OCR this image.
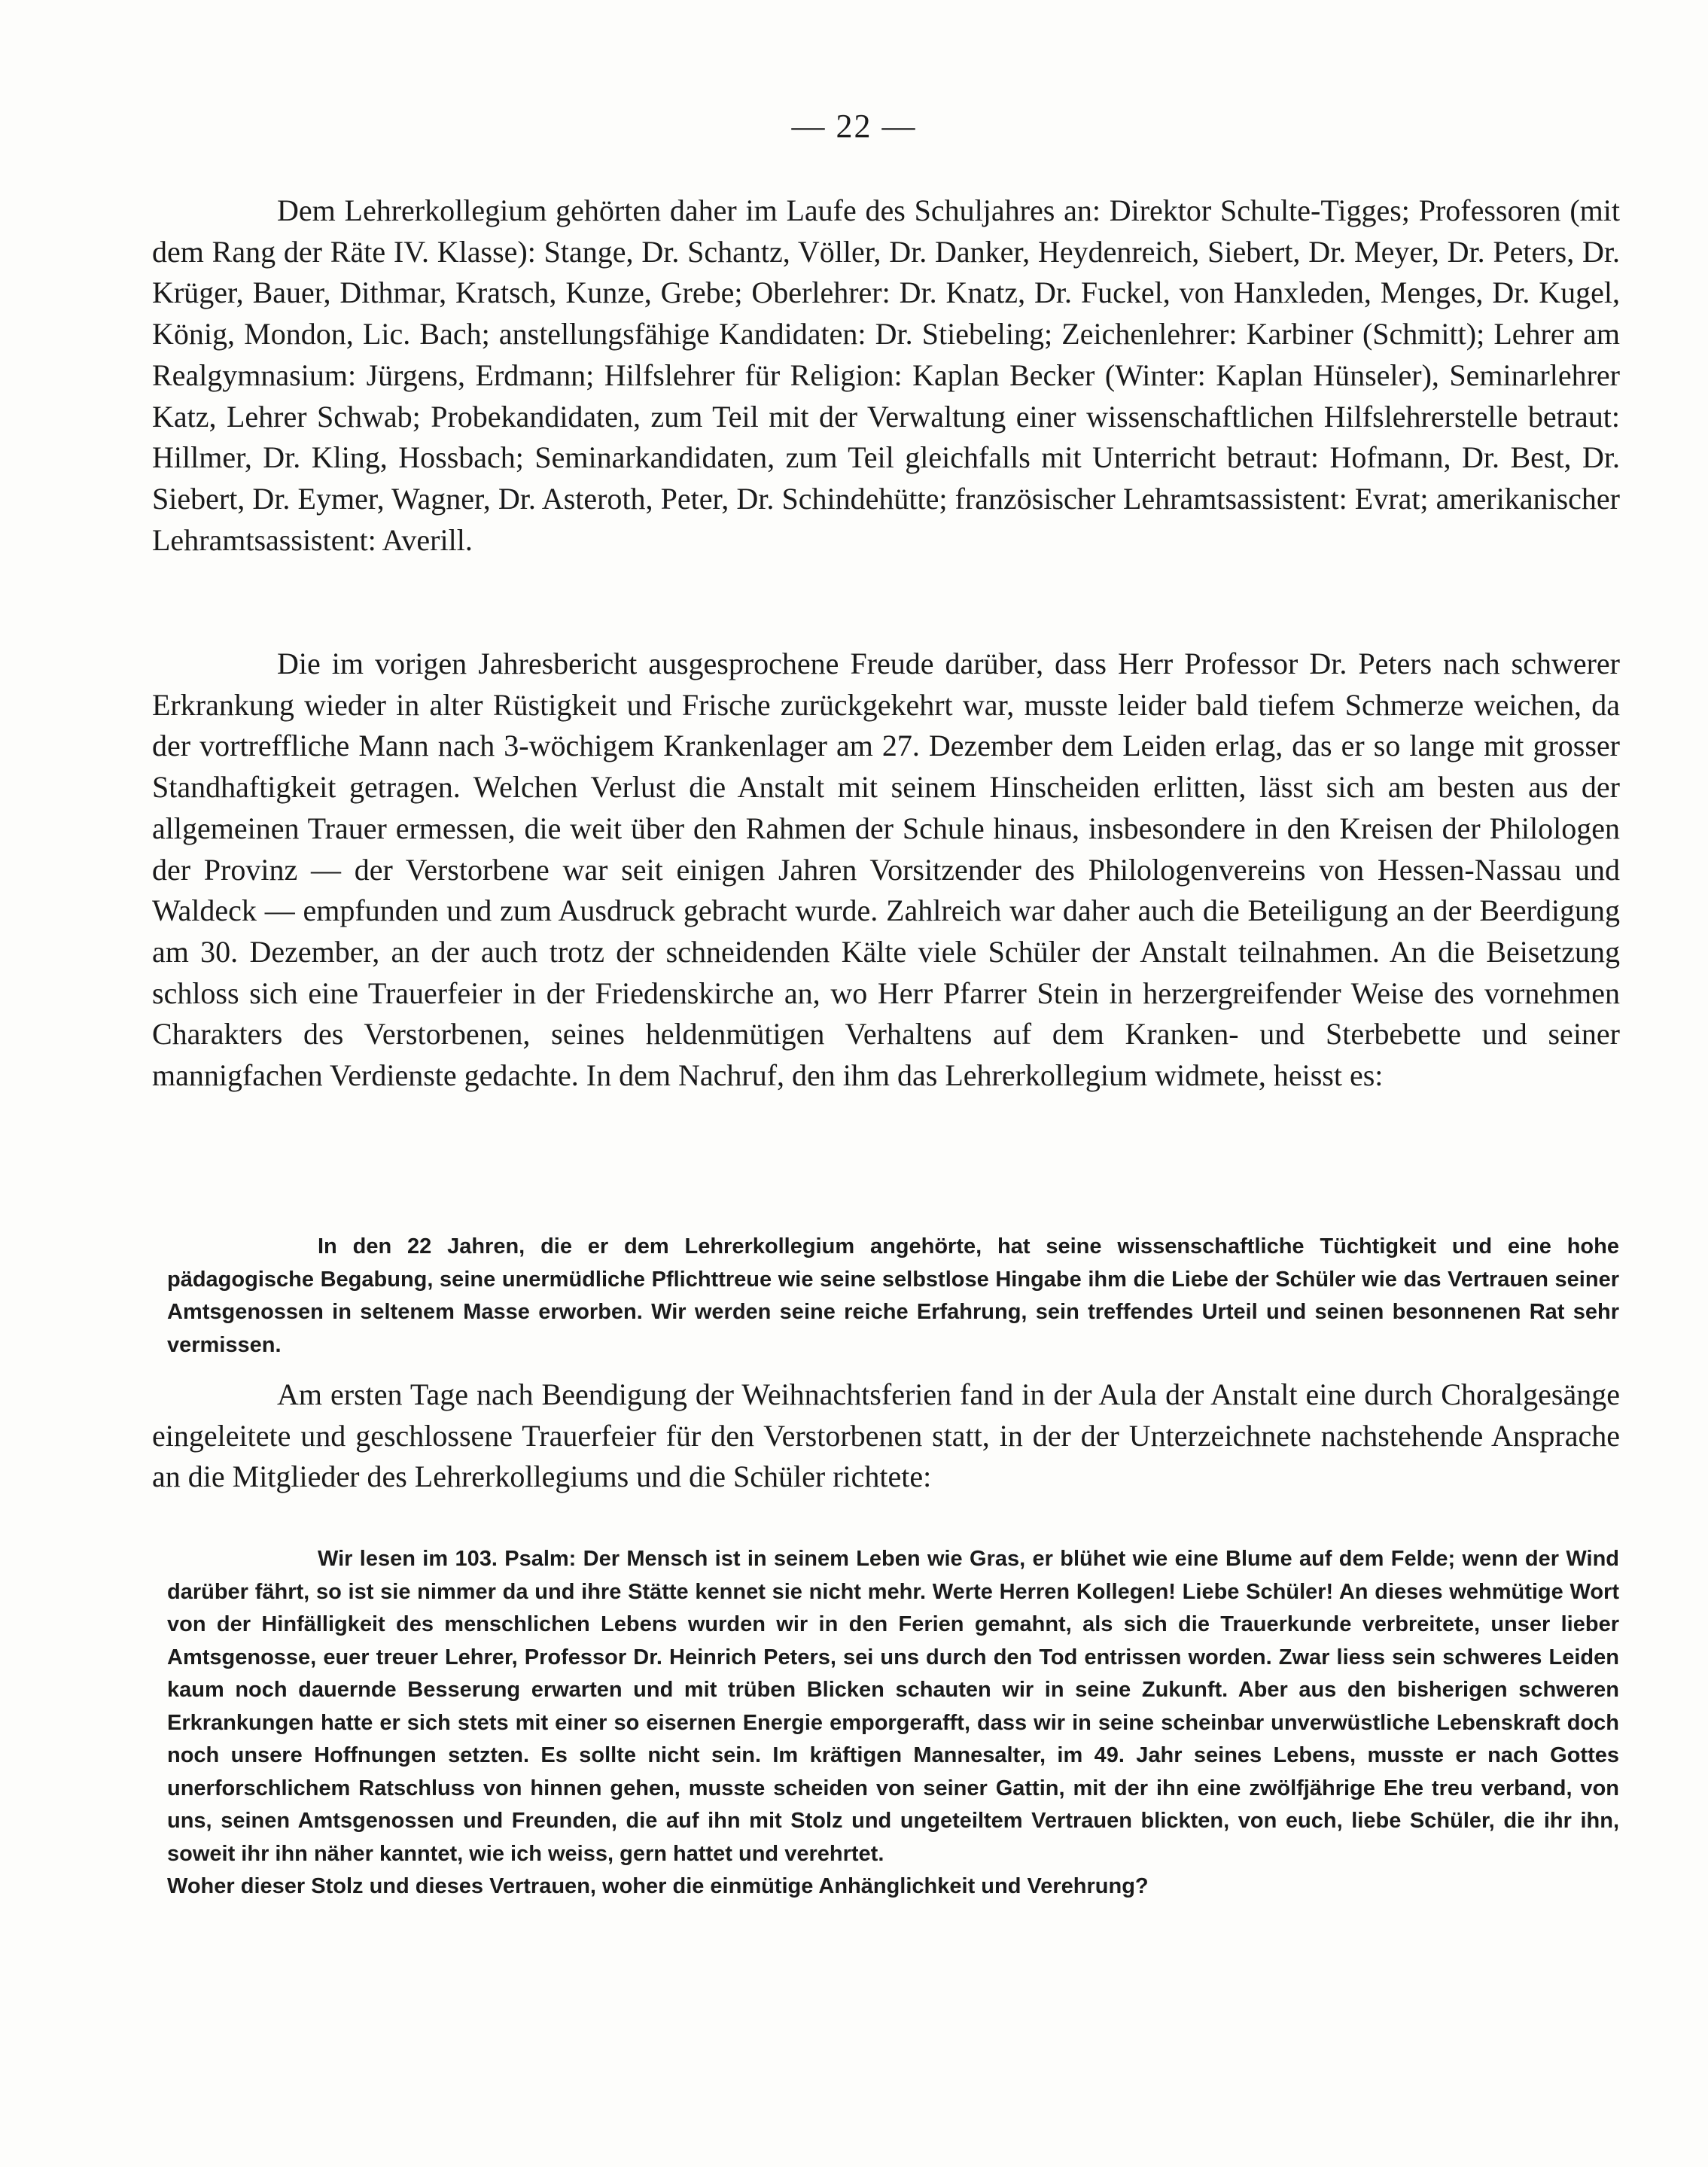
— 22 —

Dem Lehrerkollegium gehörten daher im Laufe des Schuljahres an: Direktor Schulte-Tigges; Professoren (mit dem Rang der Räte IV. Klasse): Stange, Dr. Schantz, Völler, Dr. Danker, Heydenreich, Siebert, Dr. Meyer, Dr. Peters, Dr. Krüger, Bauer, Dithmar, Kratsch, Kunze, Grebe; Oberlehrer: Dr. Knatz, Dr. Fuckel, von Hanxleden, Menges, Dr. Kugel, König, Mondon, Lic. Bach; anstellungsfähige Kandidaten: Dr. Stiebeling; Zeichenlehrer: Karbiner (Schmitt); Lehrer am Realgymnasium: Jürgens, Erdmann; Hilfslehrer für Religion: Kaplan Becker (Winter: Kaplan Hünseler), Seminarlehrer Katz, Lehrer Schwab; Probekandidaten, zum Teil mit der Verwaltung einer wissenschaftlichen Hilfslehrerstelle betraut: Hillmer, Dr. Kling, Hossbach; Seminarkandidaten, zum Teil gleichfalls mit Unterricht betraut: Hofmann, Dr. Best, Dr. Siebert, Dr. Eymer, Wagner, Dr. Asteroth, Peter, Dr. Schindehütte; französischer Lehramtsassistent: Evrat; amerikanischer Lehramtsassistent: Averill.

Die im vorigen Jahresbericht ausgesprochene Freude darüber, dass Herr Professor Dr. Peters nach schwerer Erkrankung wieder in alter Rüstigkeit und Frische zurückgekehrt war, musste leider bald tiefem Schmerze weichen, da der vortreffliche Mann nach 3-wöchigem Krankenlager am 27. Dezember dem Leiden erlag, das er so lange mit grosser Standhaftigkeit getragen. Welchen Verlust die Anstalt mit seinem Hinscheiden erlitten, lässt sich am besten aus der allgemeinen Trauer ermessen, die weit über den Rahmen der Schule hinaus, insbesondere in den Kreisen der Philologen der Provinz — der Verstorbene war seit einigen Jahren Vorsitzender des Philologenvereins von Hessen-Nassau und Waldeck — empfunden und zum Ausdruck gebracht wurde. Zahlreich war daher auch die Beteiligung an der Beerdigung am 30. Dezember, an der auch trotz der schneidenden Kälte viele Schüler der Anstalt teilnahmen. An die Beisetzung schloss sich eine Trauerfeier in der Friedenskirche an, wo Herr Pfarrer Stein in herzergreifender Weise des vornehmen Charakters des Verstorbenen, seines heldenmütigen Verhaltens auf dem Kranken- und Sterbebette und seiner mannigfachen Verdienste gedachte. In dem Nachruf, den ihm das Lehrerkollegium widmete, heisst es:

In den 22 Jahren, die er dem Lehrerkollegium angehörte, hat seine wissenschaftliche Tüchtigkeit und eine hohe pädagogische Begabung, seine unermüdliche Pflichttreue wie seine selbstlose Hingabe ihm die Liebe der Schüler wie das Vertrauen seiner Amtsgenossen in seltenem Masse erworben. Wir werden seine reiche Erfahrung, sein treffendes Urteil und seinen besonnenen Rat sehr vermissen.

Am ersten Tage nach Beendigung der Weihnachtsferien fand in der Aula der Anstalt eine durch Choralgesänge eingeleitete und geschlossene Trauerfeier für den Verstorbenen statt, in der der Unterzeichnete nachstehende Ansprache an die Mitglieder des Lehrerkollegiums und die Schüler richtete:

Wir lesen im 103. Psalm: Der Mensch ist in seinem Leben wie Gras, er blühet wie eine Blume auf dem Felde; wenn der Wind darüber fährt, so ist sie nimmer da und ihre Stätte kennet sie nicht mehr. Werte Herren Kollegen! Liebe Schüler! An dieses wehmütige Wort von der Hinfälligkeit des menschlichen Lebens wurden wir in den Ferien gemahnt, als sich die Trauerkunde verbreitete, unser lieber Amtsgenosse, euer treuer Lehrer, Professor Dr. Heinrich Peters, sei uns durch den Tod entrissen worden. Zwar liess sein schweres Leiden kaum noch dauernde Besserung erwarten und mit trüben Blicken schauten wir in seine Zukunft. Aber aus den bisherigen schweren Erkrankungen hatte er sich stets mit einer so eisernen Energie emporgerafft, dass wir in seine scheinbar unverwüstliche Lebenskraft doch noch unsere Hoffnungen setzten. Es sollte nicht sein. Im kräftigen Mannesalter, im 49. Jahr seines Lebens, musste er nach Gottes unerforschlichem Ratschluss von hinnen gehen, musste scheiden von seiner Gattin, mit der ihn eine zwölfjährige Ehe treu verband, von uns, seinen Amtsgenossen und Freunden, die auf ihn mit Stolz und ungeteiltem Vertrauen blickten, von euch, liebe Schüler, die ihr ihn, soweit ihr ihn näher kanntet, wie ich weiss, gern hattet und verehrtet.

Woher dieser Stolz und dieses Vertrauen, woher die einmütige Anhänglichkeit und Verehrung?
